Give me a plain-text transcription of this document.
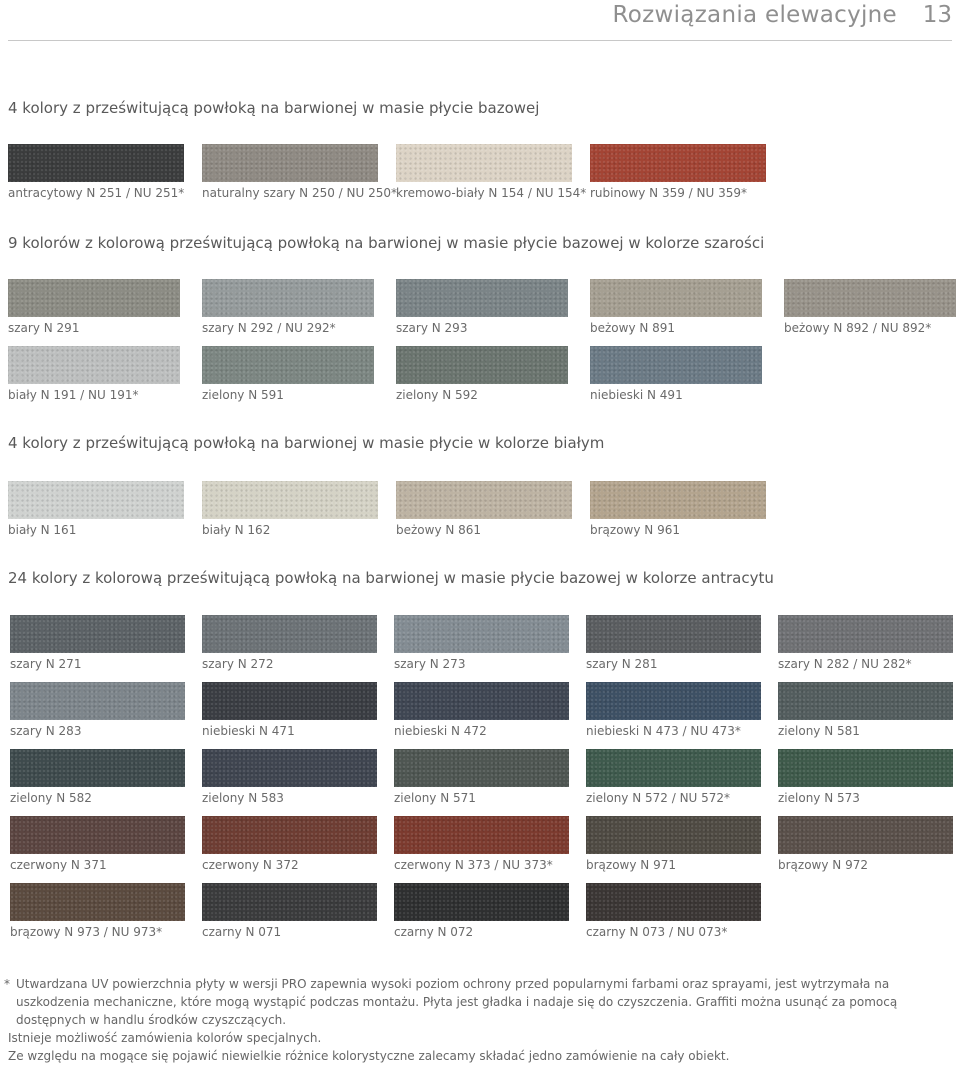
Rozwiązania elewacyjne 13
4 kolory z prześwitującą powłoką na barwionej w masie płycie bazowej
antracytowy N 251 / NU 251* naturalny szary N 250 / NU 250*
kremowo-biały N 154 / NU 154* rubinowy N 359 / NU 359*
9 kolorów z kolorową prześwitującą powłoką na barwionej w masie płycie bazowej w kolorze szarości
szary N 291	szary N 292 / NU 292*	szary N 293	beżowy N 891	beżowy N 892 / NU 892*
biały N 191 / NU 191*	zielony N 591	zielony N 592	niebieski N 491
4 kolory z prześwitującą powłoką na barwionej w masie płycie w kolorze białym
biały N 161	biały N 162	beżowy N 861	brązowy N 961
24 kolory z kolorową prześwitującą powłoką na barwionej w masie płycie bazowej w kolorze antracytu
szary N 271	szary N 272	szary N 273	szary N 281	szary N 282 / NU 282*
szary N 283	niebieski N 471	niebieski N 472	niebieski N 473 / NU 473*	zielony N 581
zielony N 582	zielony N 583	zielony N 571	zielony N 572 / NU 572*	zielony N 573
czerwony N 371	czerwony N 372	czerwony N 373 / NU 373*	brązowy N 971	brązowy N 972
brązowy N 973 / NU 973*	czarny N 071	czarny N 072	czarny N 073 / NU 073*
* Utwardzana UV powierzchnia płyty w wersji PRO zapewnia wysoki poziom ochrony przed popularnymi farbami oraz sprayami, jest wytrzymała na uszkodzenia mechaniczne, które mogą wystąpić podczas montażu. Płyta jest gładka i nadaje się do czyszczenia. Graffiti można usunąć za pomocą dostępnych w handlu środków czyszczących.
Istnieje możliwość zamówienia kolorów specjalnych.
Ze względu na mogące się pojawić niewielkie różnice kolorystyczne zalecamy składać jedno zamówienie na cały obiekt.
